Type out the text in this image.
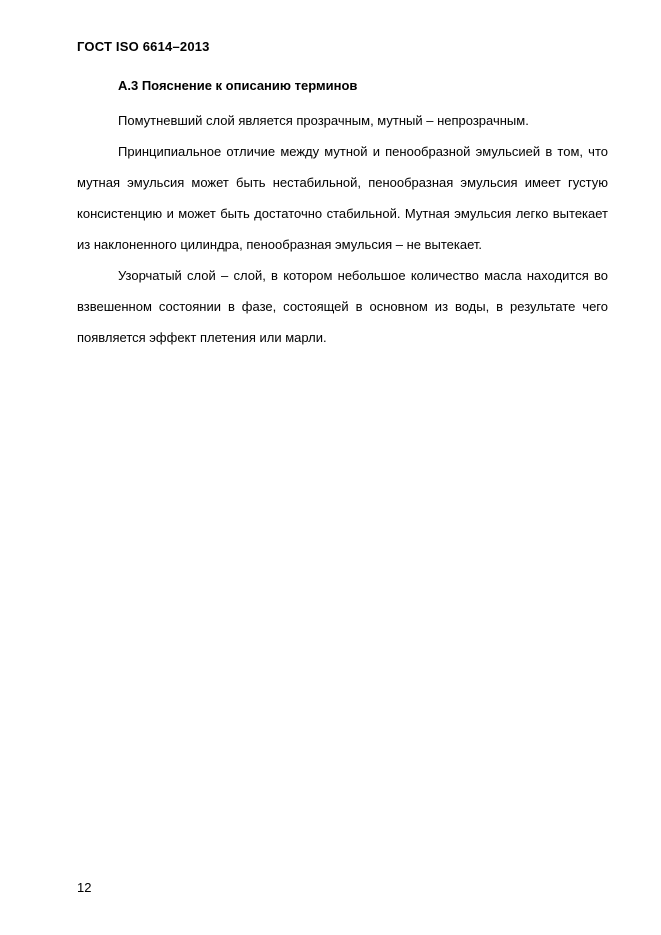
ГОСТ ISO 6614–2013
А.3 Пояснение к описанию терминов

Помутневший слой является прозрачным, мутный – непрозрачным.

Принципиальное отличие между мутной и пенообразной эмульсией в том, что мутная эмульсия может быть нестабильной, пенообразная эмульсия имеет густую консистенцию и может быть достаточно стабильной. Мутная эмульсия легко вытекает из наклоненного цилиндра, пенообразная эмульсия – не вытекает.

Узорчатый слой – слой, в котором небольшое количество масла находится во взвешенном состоянии в фазе, состоящей в основном из воды, в результате чего появляется эффект плетения или марли.

12
